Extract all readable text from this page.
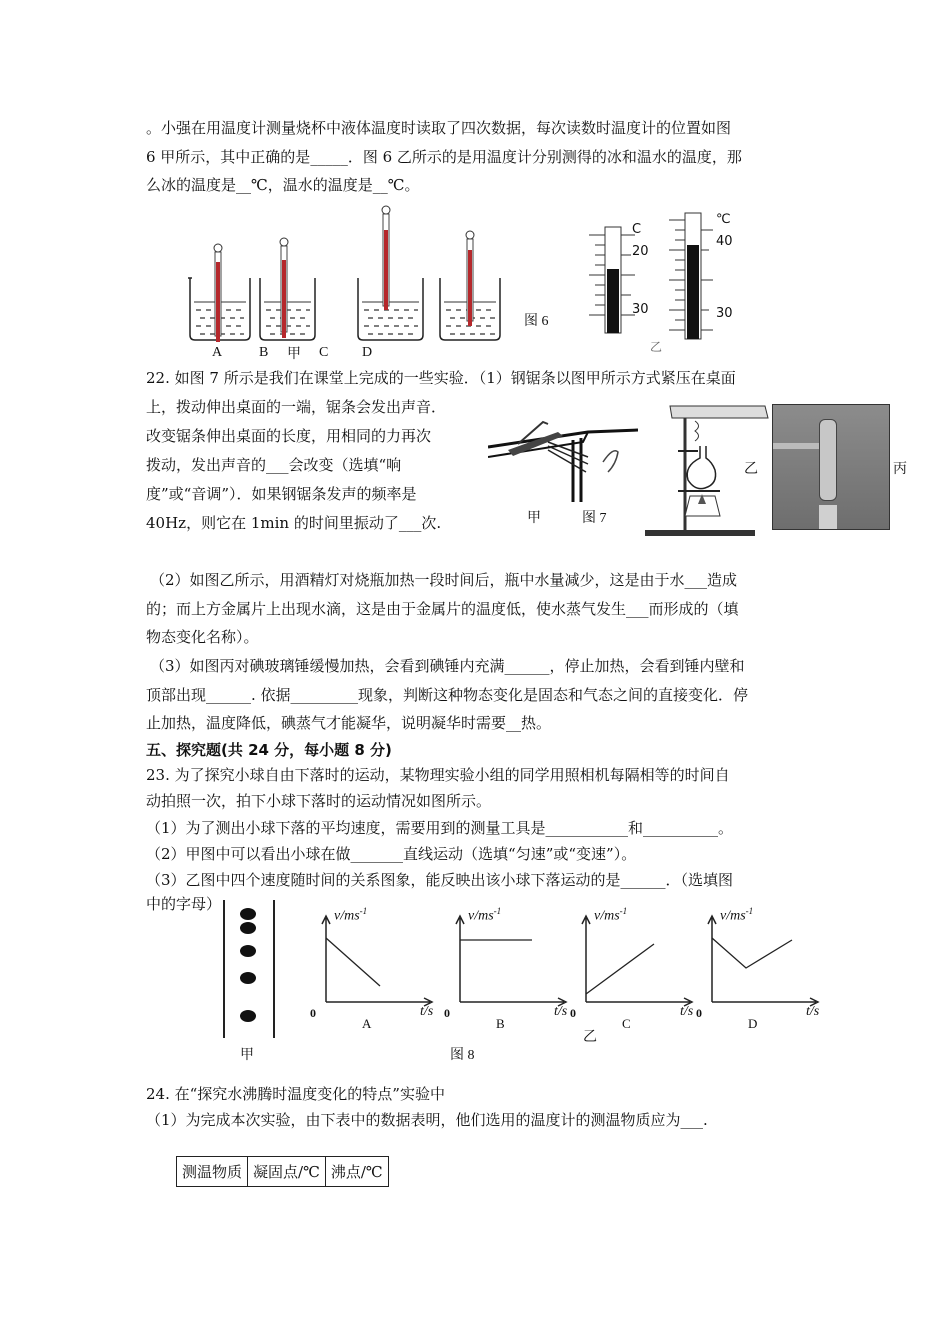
。小强在用温度计测量烧杯中液体温度时读取了四次数据，每次读数时温度计的位置如图
6 甲所示，其中正确的是_____．图 6 乙所示的是用温度计分别测得的冰和温水的温度，那
么冰的温度是__℃，温水的温度是__℃。
A	B 甲 C D
图 6
C
20
30
℃
40
30
乙
22. 如图 7 所示是我们在课堂上完成的一些实验．（1）钢锯条以图甲所示方式紧压在桌面
上，拨动伸出桌面的一端，锯条会发出声音．
改变锯条伸出桌面的长度，用相同的力再次
拨动，发出声音的___会改变（选填“响
度”或“音调”）．如果钢锯条发声的频率是
40Hz，则它在 1min 的时间里振动了___次.	甲	图 7
乙	丙
（2）如图乙所示，用酒精灯对烧瓶加热一段时间后，瓶中水量减少，这是由于水___造成
的；而上方金属片上出现水滴，这是由于金属片的温度低，使水蒸气发生___而形成的（填
物态变化名称）。
（3）如图丙对碘玻璃锤缓慢加热，会看到碘锤内充满______，停止加热，会看到锤内壁和
顶部出现______. 依据_________现象，判断这种物态变化是固态和气态之间的直接变化．停
止加热，温度降低，碘蒸气才能凝华，说明凝华时需要__热。
五、探究题(共 24 分，每小题 8 分)
23. 为了探究小球自由下落时的运动，某物理实验小组的同学用照相机每隔相等的时间自
动拍照一次，拍下小球下落时的运动情况如图所示。
（1）为了测出小球下落的平均速度，需要用到的测量工具是___________和__________。
（2）甲图中可以看出小球在做_______直线运动（选填“匀速”或“变速”）。
（3）乙图中四个速度随时间的关系图象，能反映出该小球下落运动的是______．（选填图
中的字母）
甲
$v/ms^{-1}$
t/s
0
A
$v/ms^{-1}$
t/s
0
B
$v/ms^{-1}$
t/s
0
C
$v/ms^{-1}$
t/s
0
D
图 8
乙
24. 在“探究水沸腾时温度变化的特点”实验中
（1）为完成本次实验，由下表中的数据表明，他们选用的温度计的测温物质应为___.
测温物质	凝固点/℃	沸点/℃
